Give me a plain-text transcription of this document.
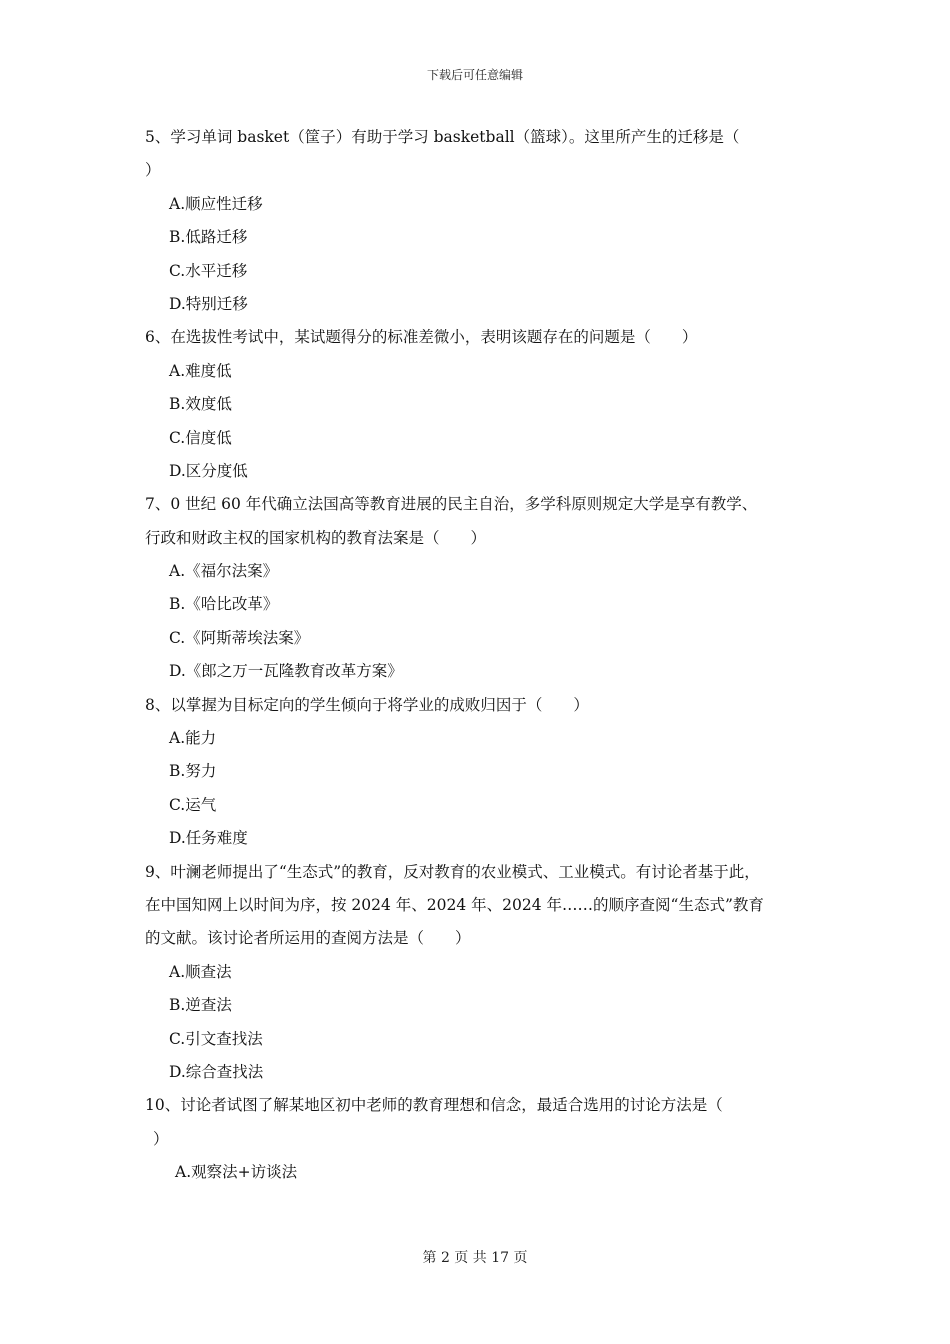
下载后可任意编辑
5、学习单词 basket（筐子）有助于学习 basketball（篮球）。这里所产生的迁移是（
）
A.顺应性迁移
B.低路迁移
C.水平迁移
D.特别迁移
6、在选拔性考试中，某试题得分的标准差微小，表明该题存在的问题是（　　）
A.难度低
B.效度低
C.信度低
D.区分度低
7、0 世纪 60 年代确立法国高等教育进展的民主自治，多学科原则规定大学是享有教学、
行政和财政主权的国家机构的教育法案是（　　）
A.《福尔法案》
B.《哈比改革》
C.《阿斯蒂埃法案》
D.《郎之万一瓦隆教育改革方案》
8、以掌握为目标定向的学生倾向于将学业的成败归因于（　　）
A.能力
B.努力
C.运气
D.任务难度
9、叶澜老师提出了“生态式”的教育，反对教育的农业模式、工业模式。有讨论者基于此，
在中国知网上以时间为序，按 2024 年、2024 年、2024 年……的顺序查阅“生态式”教育
的文献。该讨论者所运用的查阅方法是（　　）
A.顺查法
B.逆查法
C.引文查找法
D.综合查找法
10、讨论者试图了解某地区初中老师的教育理想和信念，最适合选用的讨论方法是（
）
A.观察法+访谈法
第 2 页 共 17 页
